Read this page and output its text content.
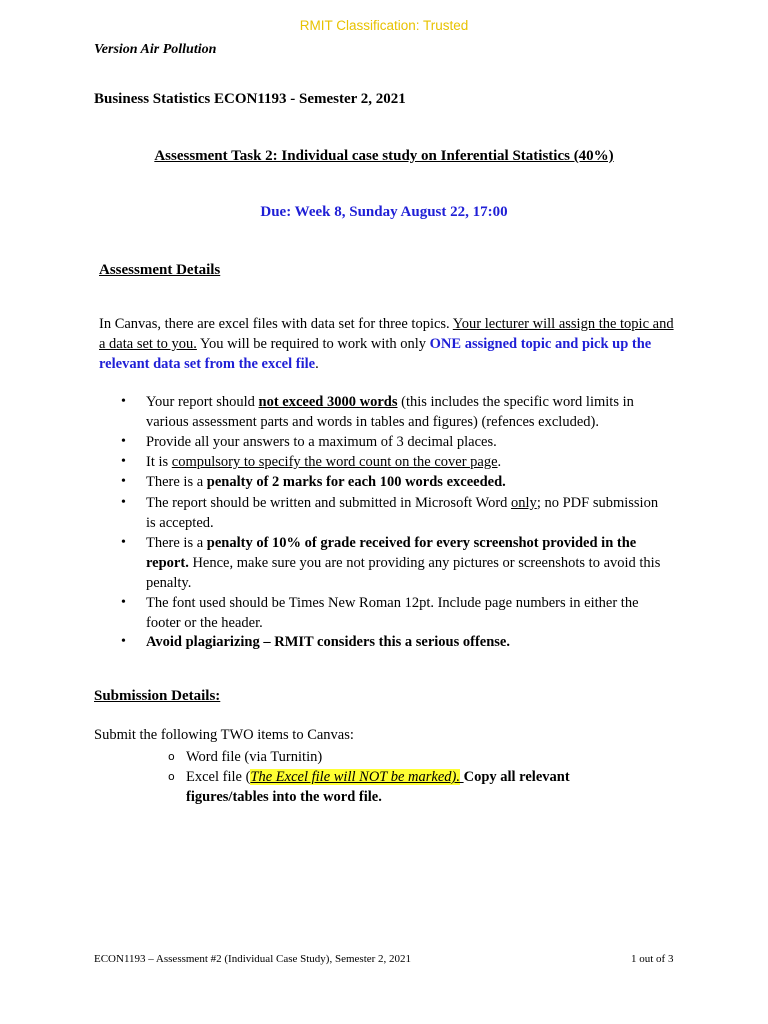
RMIT Classification: Trusted
Version Air Pollution
Business Statistics ECON1193 - Semester 2, 2021
Assessment Task 2: Individual case study on Inferential Statistics (40%)
Due: Week 8, Sunday August 22, 17:00
Assessment Details
In Canvas, there are excel files with data set for three topics. Your lecturer will assign the topic and a data set to you. You will be required to work with only ONE assigned topic and pick up the relevant data set from the excel file.
• Your report should not exceed 3000 words (this includes the specific word limits in various assessment parts and words in tables and figures) (refences excluded).
• Provide all your answers to a maximum of 3 decimal places.
• It is compulsory to specify the word count on the cover page.
• There is a penalty of 2 marks for each 100 words exceeded.
• The report should be written and submitted in Microsoft Word only; no PDF submission is accepted.
• There is a penalty of 10% of grade received for every screenshot provided in the report. Hence, make sure you are not providing any pictures or screenshots to avoid this penalty.
• The font used should be Times New Roman 12pt. Include page numbers in either the footer or the header.
• Avoid plagiarizing – RMIT considers this a serious offense.
Submission Details:
Submit the following TWO items to Canvas:
o Word file (via Turnitin)
o Excel file (The Excel file will NOT be marked). Copy all relevant figures/tables into the word file.
ECON1193 – Assessment #2 (Individual Case Study), Semester 2, 2021	1 out of 3
